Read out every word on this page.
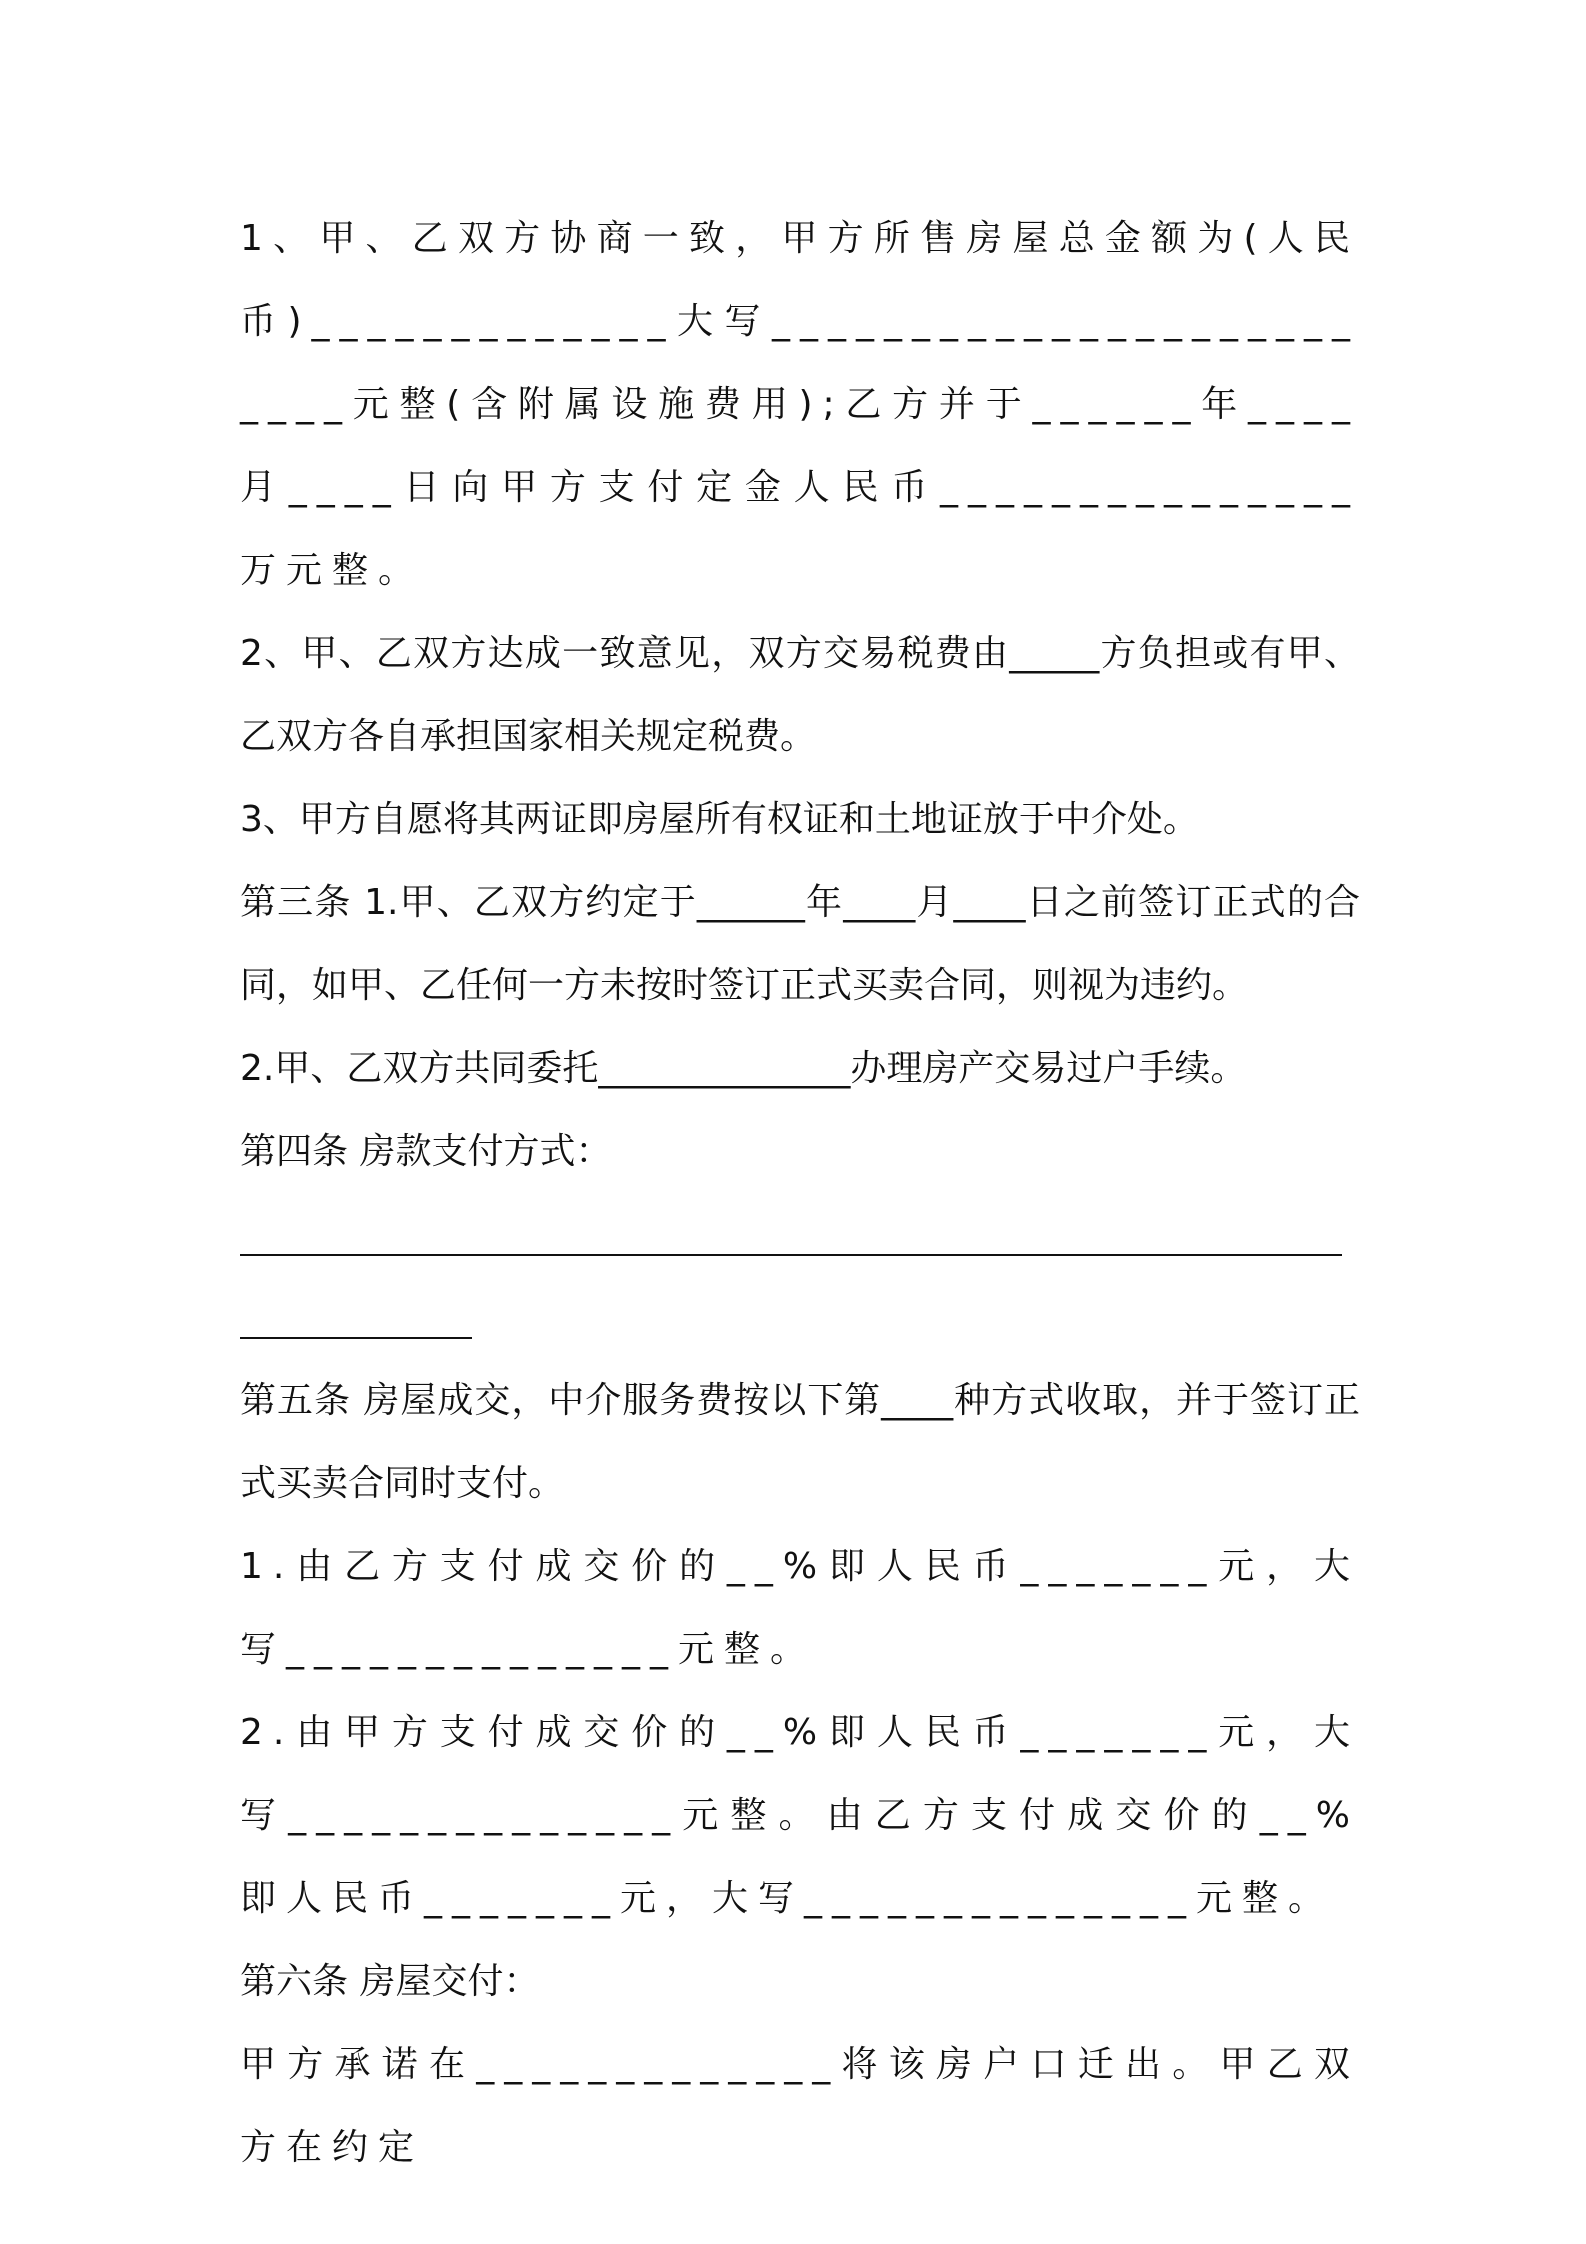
1、甲、乙双方协商一致，甲方所售房屋总金额为(人民币)_____________大写_________________________元整(含附属设施费用);乙方并于______年____月____日向甲方支付定金人民币_______________万元整。

2、甲、乙双方达成一致意见，双方交易税费由_____方负担或有甲、乙双方各自承担国家相关规定税费。

3、甲方自愿将其两证即房屋所有权证和土地证放于中介处。

第三条 1.甲、乙双方约定于______年____月____日之前签订正式的合同，如甲、乙任何一方未按时签订正式买卖合同，则视为违约。

2.甲、乙双方共同委托______________办理房产交易过户手续。

第四条 房款支付方式：

第五条 房屋成交，中介服务费按以下第____种方式收取，并于签订正式买卖合同时支付。

1.由乙方支付成交价的__%即人民币_______元，大写______________元整。

2.由甲方支付成交价的__%即人民币_______元，大写______________元整。由乙方支付成交价的__%即人民币_______元，大写______________元整。

第六条 房屋交付：

甲方承诺在_____________将该房户口迁出。甲乙双方在约定
